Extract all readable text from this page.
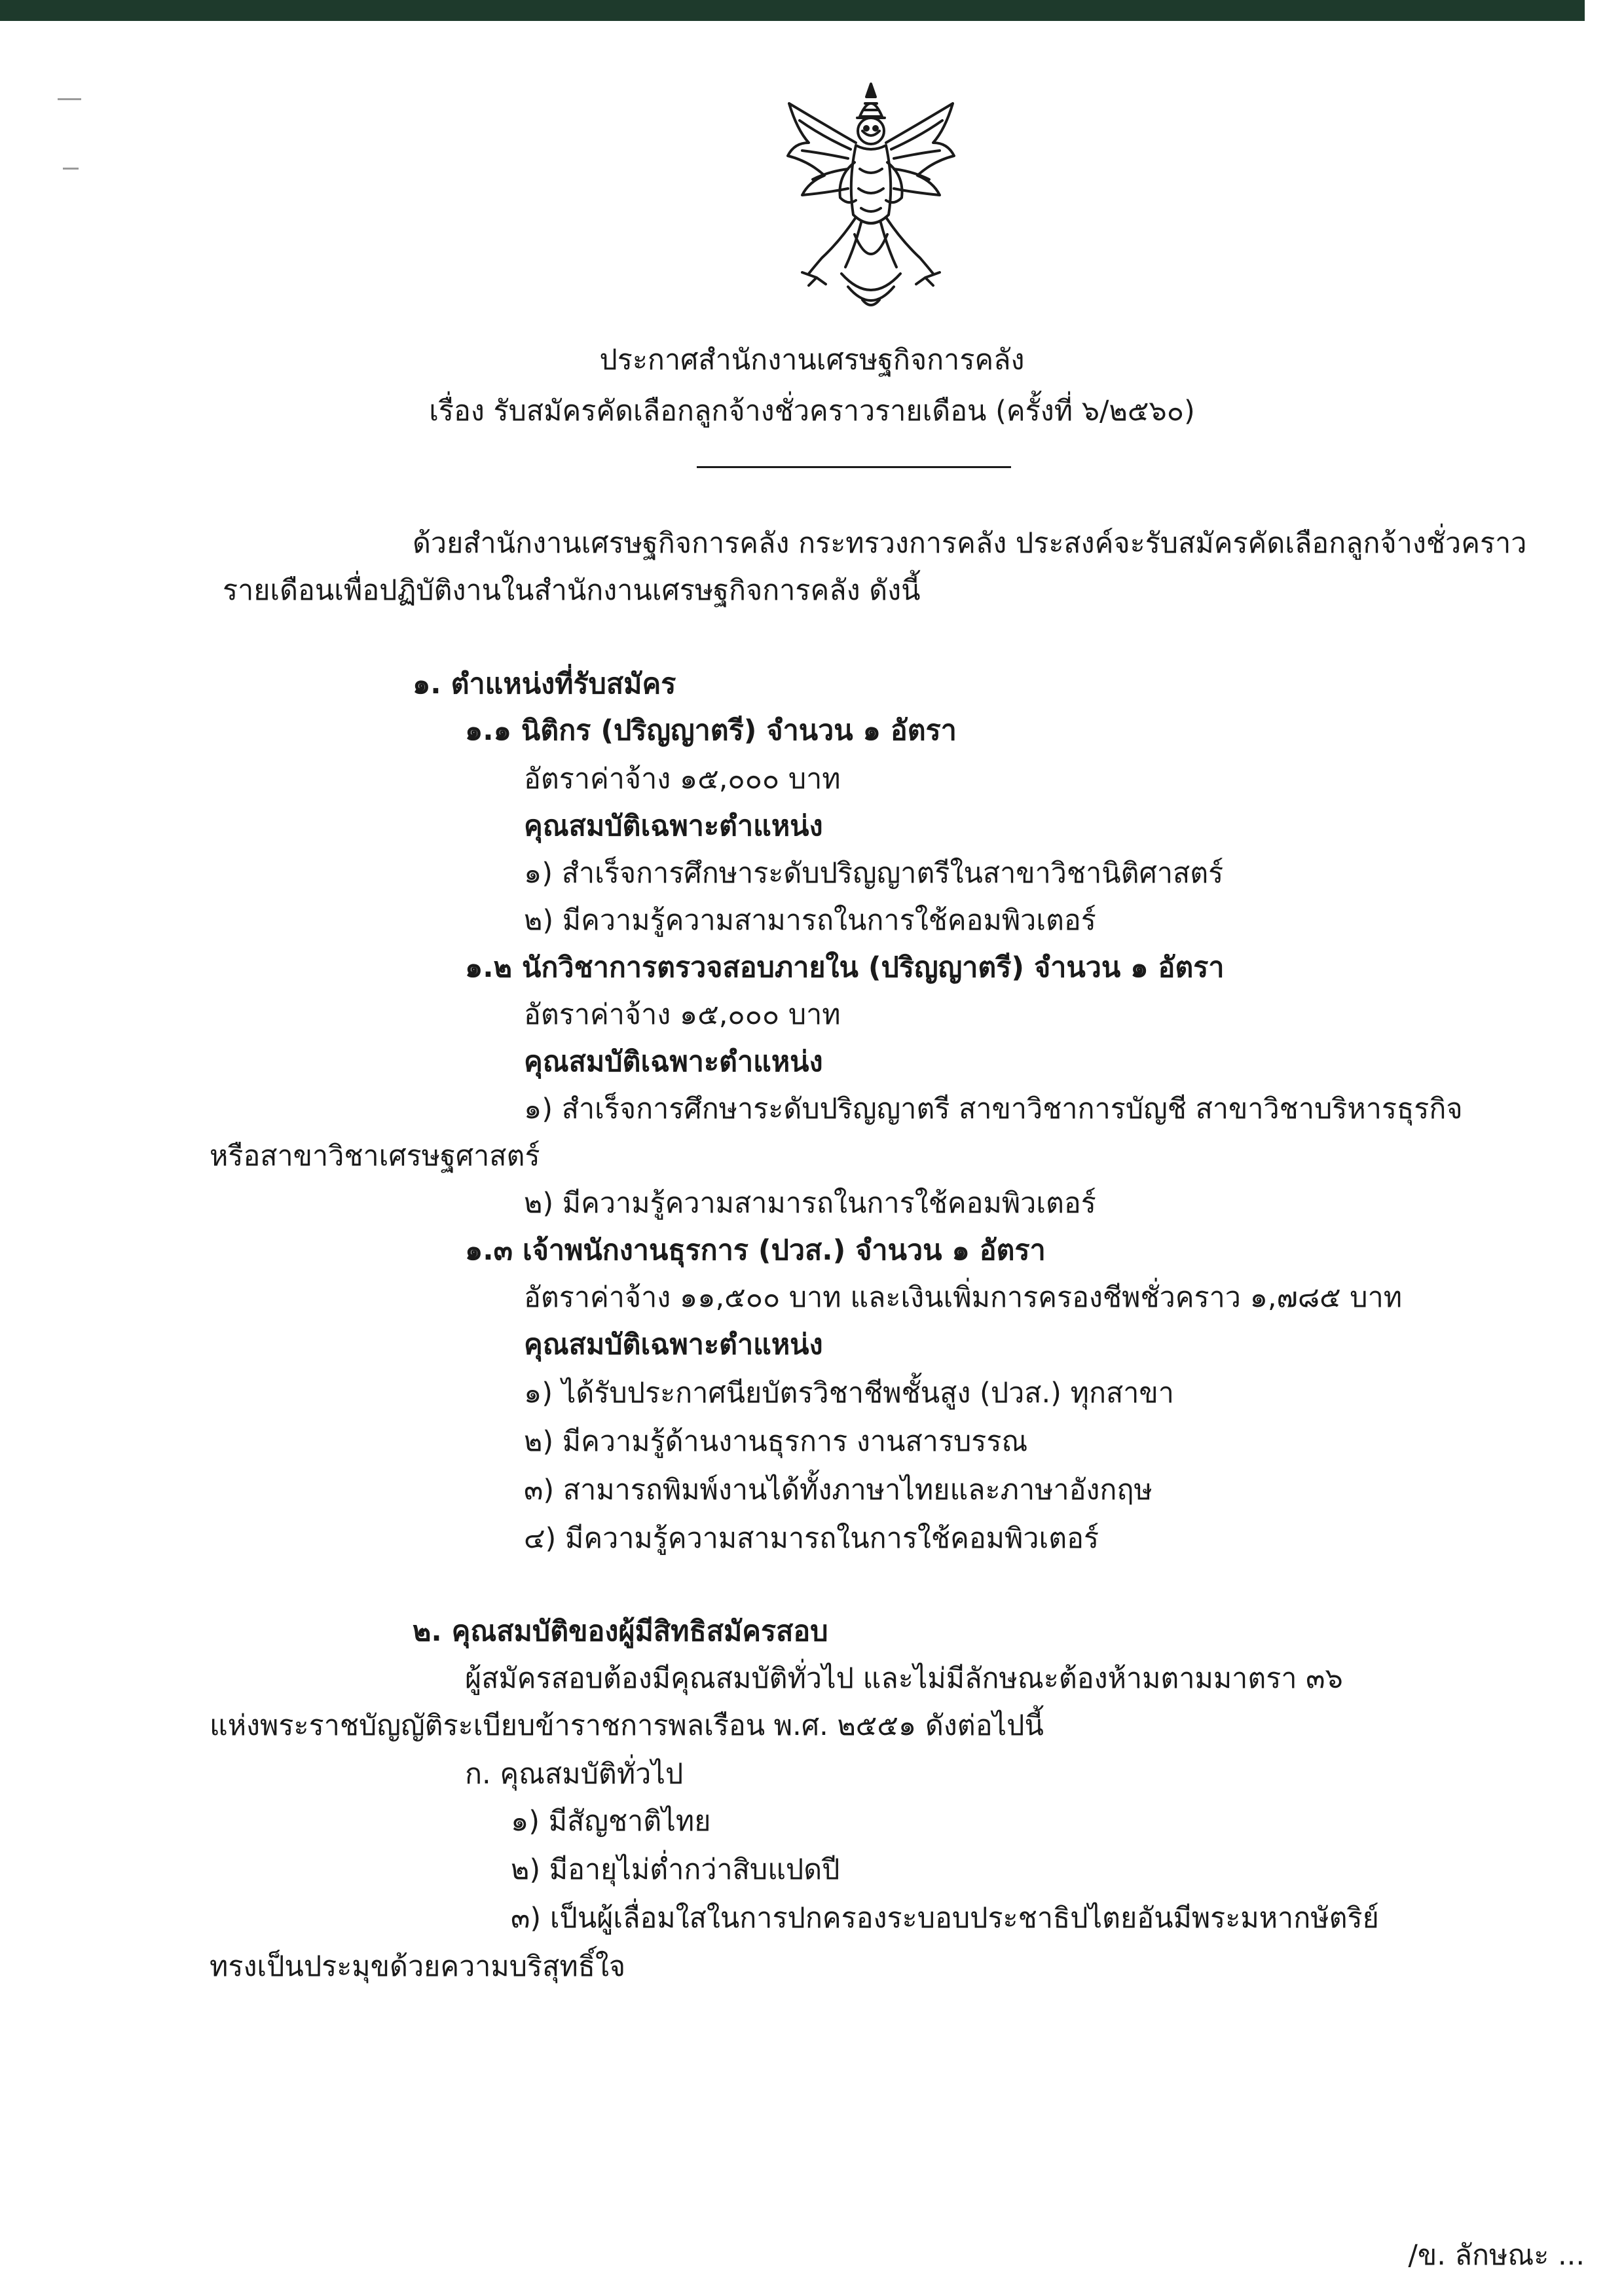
ประกาศสำนักงานเศรษฐกิจการคลัง

เรื่อง รับสมัครคัดเลือกลูกจ้างชั่วคราวรายเดือน (ครั้งที่ ๖/๒๕๖๐)

ด้วยสำนักงานเศรษฐกิจการคลัง กระทรวงการคลัง ประสงค์จะรับสมัครคัดเลือกลูกจ้างชั่วคราว

รายเดือนเพื่อปฏิบัติงานในสำนักงานเศรษฐกิจการคลัง ดังนี้

๑. ตำแหน่งที่รับสมัคร

๑.๑ นิติกร (ปริญญาตรี) จำนวน ๑ อัตรา

อัตราค่าจ้าง ๑๕,๐๐๐ บาท

คุณสมบัติเฉพาะตำแหน่ง

๑) สำเร็จการศึกษาระดับปริญญาตรีในสาขาวิชานิติศาสตร์

๒) มีความรู้ความสามารถในการใช้คอมพิวเตอร์

๑.๒ นักวิชาการตรวจสอบภายใน (ปริญญาตรี) จำนวน ๑ อัตรา

อัตราค่าจ้าง ๑๕,๐๐๐ บาท

คุณสมบัติเฉพาะตำแหน่ง

๑) สำเร็จการศึกษาระดับปริญญาตรี สาขาวิชาการบัญชี สาขาวิชาบริหารธุรกิจ

หรือสาขาวิชาเศรษฐศาสตร์

๒) มีความรู้ความสามารถในการใช้คอมพิวเตอร์

๑.๓ เจ้าพนักงานธุรการ (ปวส.) จำนวน ๑ อัตรา

อัตราค่าจ้าง ๑๑,๕๐๐ บาท และเงินเพิ่มการครองชีพชั่วคราว ๑,๗๘๕ บาท

คุณสมบัติเฉพาะตำแหน่ง

๑) ได้รับประกาศนียบัตรวิชาชีพชั้นสูง (ปวส.) ทุกสาขา

๒) มีความรู้ด้านงานธุรการ งานสารบรรณ

๓) สามารถพิมพ์งานได้ทั้งภาษาไทยและภาษาอังกฤษ

๔) มีความรู้ความสามารถในการใช้คอมพิวเตอร์

๒. คุณสมบัติของผู้มีสิทธิสมัครสอบ

ผู้สมัครสอบต้องมีคุณสมบัติทั่วไป และไม่มีลักษณะต้องห้ามตามมาตรา ๓๖

แห่งพระราชบัญญัติระเบียบข้าราชการพลเรือน พ.ศ. ๒๕๕๑ ดังต่อไปนี้

ก. คุณสมบัติทั่วไป

๑) มีสัญชาติไทย

๒) มีอายุไม่ต่ำกว่าสิบแปดปี

๓) เป็นผู้เลื่อมใสในการปกครองระบอบประชาธิปไตยอันมีพระมหากษัตริย์

ทรงเป็นประมุขด้วยความบริสุทธิ์ใจ

/ข. ลักษณะ ...
